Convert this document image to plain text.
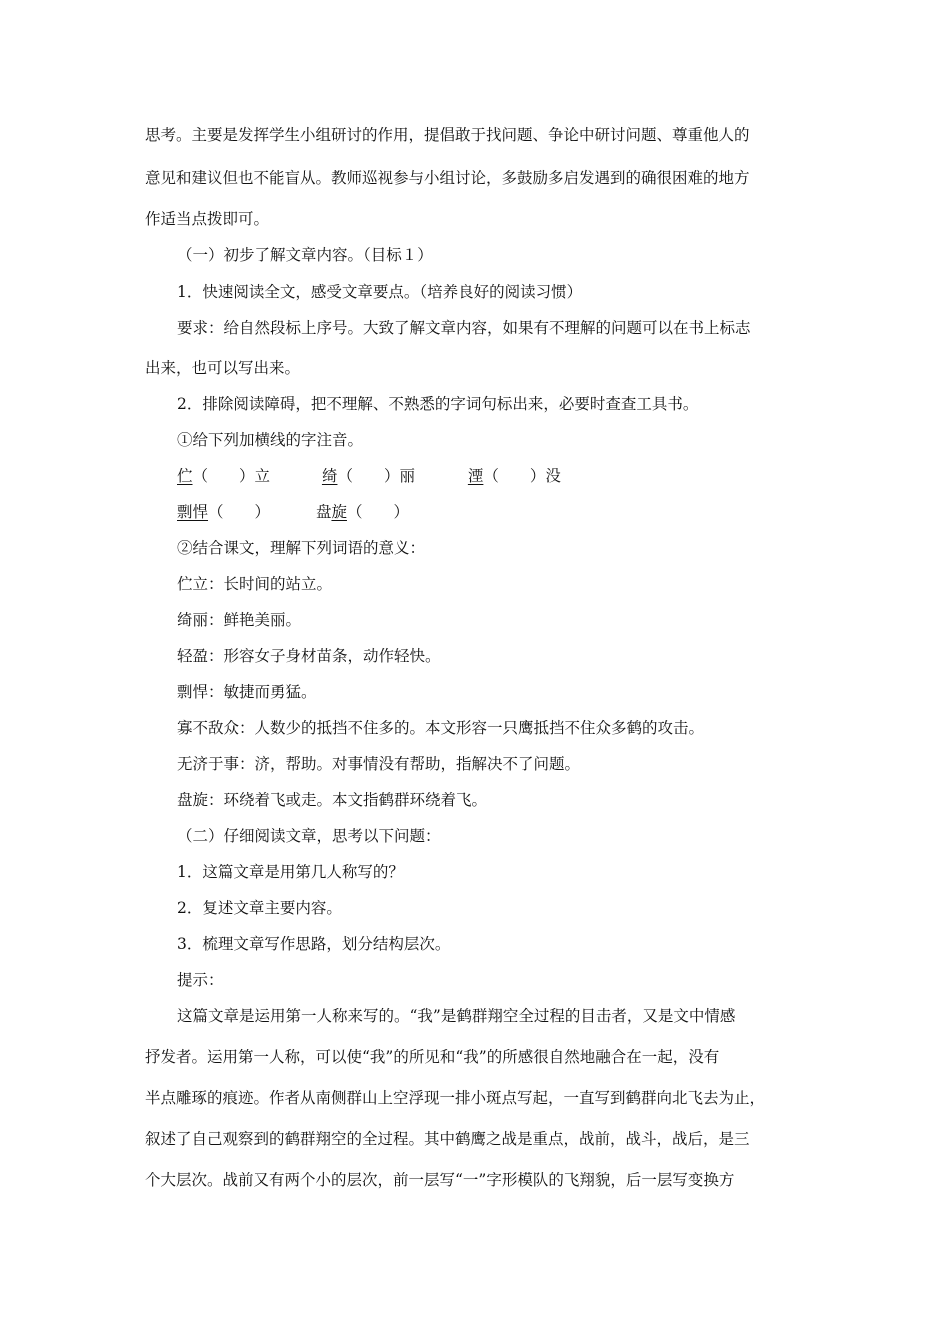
思考。主要是发挥学生小组研讨的作用，提倡敢于找问题、争论中研讨问题、尊重他人的
意见和建议但也不能盲从。教师巡视参与小组讨论，多鼓励多启发遇到的确很困难的地方
作适当点拨即可。
（一）初步了解文章内容。（目标１）
1．快速阅读全文，感受文章要点。（培养良好的阅读习惯）
要求：给自然段标上序号。大致了解文章内容，如果有不理解的问题可以在书上标志
出来，也可以写出来。
2．排除阅读障碍，把不理解、不熟悉的字词句标出来，必要时查查工具书。
①给下列加横线的字注音。
伫（　　）立	绮（　　）丽	湮（　　）没
剽悍（　　）	盘旋（　　）
②结合课文，理解下列词语的意义：
伫立：长时间的站立。
绮丽：鲜艳美丽。
轻盈：形容女子身材苗条，动作轻快。
剽悍：敏捷而勇猛。
寡不敌众：人数少的抵挡不住多的。本文形容一只鹰抵挡不住众多鹤的攻击。
无济于事：济，帮助。对事情没有帮助，指解决不了问题。
盘旋：环绕着飞或走。本文指鹤群环绕着飞。
（二）仔细阅读文章，思考以下问题：
1．这篇文章是用第几人称写的？
2．复述文章主要内容。
3．梳理文章写作思路，划分结构层次。
提示：
这篇文章是运用第一人称来写的。“我”是鹤群翔空全过程的目击者，又是文中情感
抒发者。运用第一人称，可以使“我”的所见和“我”的所感很自然地融合在一起，没有
半点雕琢的痕迹。作者从南侧群山上空浮现一排小斑点写起，一直写到鹤群向北飞去为止，
叙述了自己观察到的鹤群翔空的全过程。其中鹤鹰之战是重点，战前，战斗，战后，是三
个大层次。战前又有两个小的层次，前一层写“一”字形模队的飞翔貌，后一层写变换方
